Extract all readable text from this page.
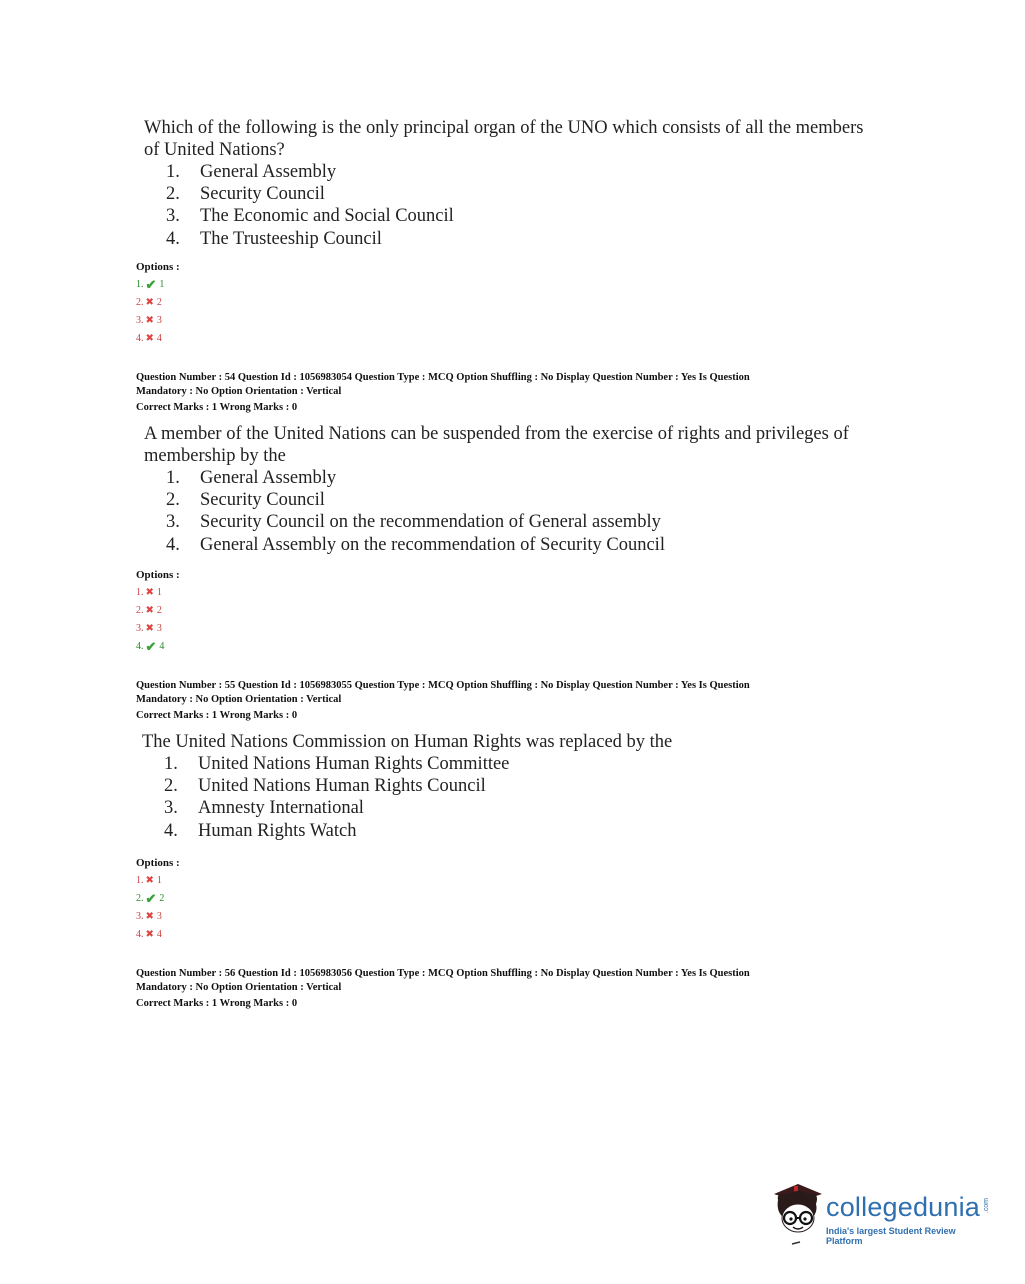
Which of the following is the only principal organ of the UNO which consists of all the members of United Nations?
1.	General Assembly
2.	Security Council
3.	The Economic and Social Council
4.	The Trusteeship Council
Options :
1. ✔ 1
2. ✖ 2
3. ✖ 3
4. ✖ 4
Question Number : 54 Question Id : 1056983054 Question Type : MCQ Option Shuffling : No Display Question Number : Yes Is Question
Mandatory : No Option Orientation : Vertical
Correct Marks : 1 Wrong Marks : 0
A member of the United Nations can be suspended from the exercise of rights and privileges of membership by the
1.	General Assembly
2.	Security Council
3.	Security Council on the recommendation of General assembly
4.	General Assembly on the recommendation of Security Council
Options :
1. ✖ 1
2. ✖ 2
3. ✖ 3
4. ✔ 4
Question Number : 55 Question Id : 1056983055 Question Type : MCQ Option Shuffling : No Display Question Number : Yes Is Question
Mandatory : No Option Orientation : Vertical
Correct Marks : 1 Wrong Marks : 0
The United Nations Commission on Human Rights was replaced by the
1.	United Nations Human Rights Committee
2.	United Nations Human Rights Council
3.	Amnesty International
4.	Human Rights Watch
Options :
1. ✖ 1
2. ✔ 2
3. ✖ 3
4. ✖ 4
Question Number : 56 Question Id : 1056983056 Question Type : MCQ Option Shuffling : No Display Question Number : Yes Is Question
Mandatory : No Option Orientation : Vertical
Correct Marks : 1 Wrong Marks : 0
collegedunia .com
India's largest Student Review Platform
